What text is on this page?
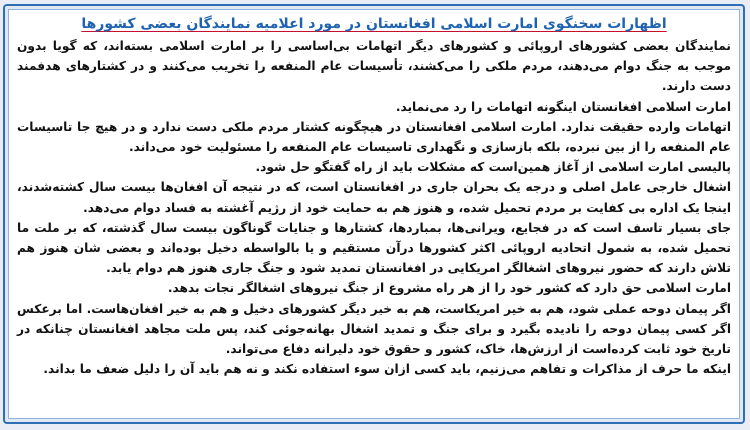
اظهارات سخنگوی امارت اسلامی افغانستان در مورد اعلامیه نمایندگان بعضی کشورها

نمایندگان بعضی کشورهای اروپائی و کشورهای دیگر اتهامات بی‌اساسی را بر امارت اسلامی بسته‌اند، که گویا بدون موجب به جنگ دوام می‌دهند، مردم ملکی را می‌کشند، تأسیسات عام المنفعه را تخریب می‌کنند و در کشتارهای هدفمند دست دارند.

امارت اسلامی افغانستان اینگونه اتهامات را رد می‌نماید.

اتهامات وارده حقیقت ندارد. امارت اسلامی افغانستان در هیچگونه کشتار مردم ملکی دست ندارد و در هیچ جا تاسیسات عام المنفعه را از بین نبرده، بلکه بازسازی و نگهداری تاسیسات عام المنفعه را مسئولیت خود می‌داند.

پالیسی امارت اسلامی از آغاز همین‌است که مشکلات باید از راه گفتگو حل شود.

اشغال خارجی عامل اصلی و درجه یک بحران جاری در افغانستان است، که در نتیجه آن افغان‌ها بیست سال کشته‌شدند، اینجا یک اداره بی کفایت بر مردم تحمیل شده، و هنوز هم به حمایت خود از رژیم آغشته به فساد دوام می‌دهد.

جای بسیار تاسف است که در فجایع، ویرانی‌ها، بمباردها، کشتارها و جنایات گوناگون بیست سال گذشته، که بر ملت ما تحمیل شده، به شمول اتحادیه اروپائی اکثر کشورها درآن مستقیم و یا بالواسطه دخیل بوده‌اند و بعضی شان هنوز هم تلاش دارند که حضور نیروهای اشغالگر امریکایی در افغانستان تمدید شود و جنگ جاری هنوز هم دوام یابد.

امارت اسلامی حق دارد که کشور خود را از هر راه مشروع از جنگ نیروهای اشغالگر نجات بدهد.

اگر پیمان دوحه عملی شود، هم به خیر امریکاست، هم به خیر دیگر کشورهای دخیل و هم به خیر افغان‌هاست. اما برعکس اگر کسی پیمان دوحه را نادیده بگیرد و برای جنگ و تمدید اشغال بهانه‌جوئی کند، پس ملت مجاهد افغانستان چنانکه در تاریخ خود ثابت کرده‌است از ارزش‌ها، خاک، کشور و حقوق خود دلیرانه دفاع می‌تواند.

اینکه ما حرف از مذاکرات و تفاهم می‌زنیم، باید کسی ازان سوء استفاده نکند و نه هم باید آن را دلیل ضعف ما بداند.
